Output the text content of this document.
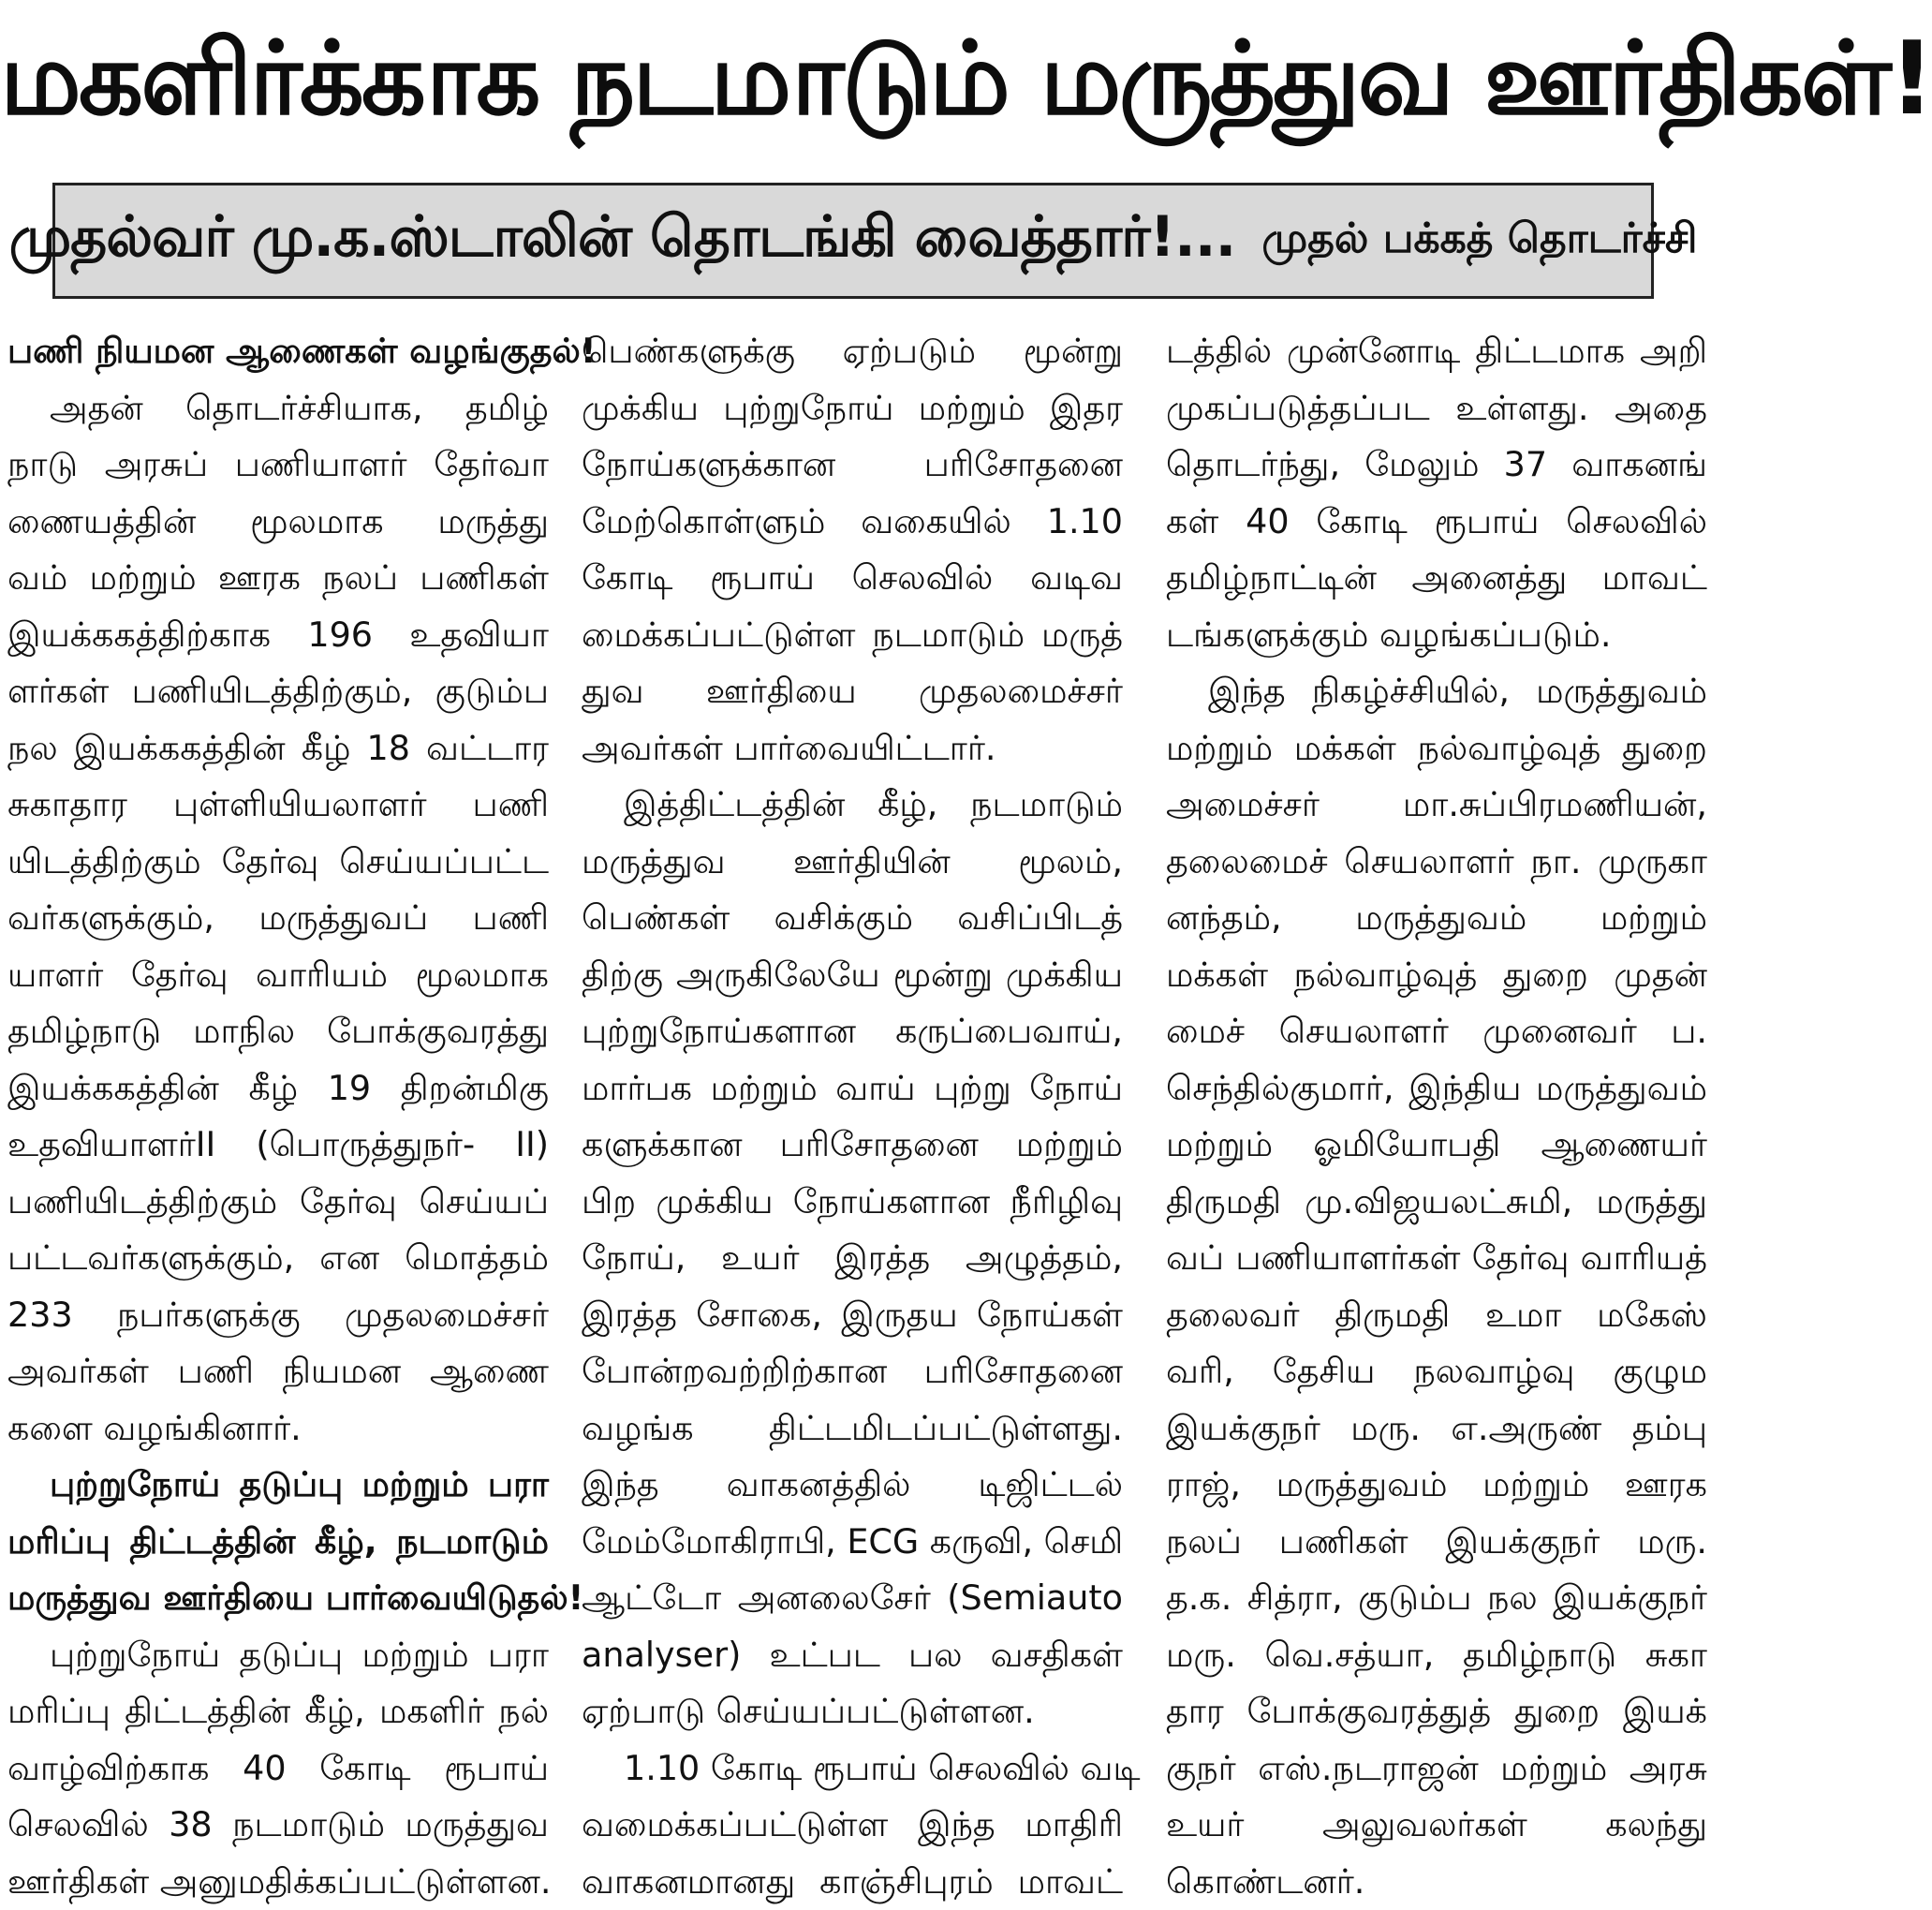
மகளிர்க்காக நடமாடும் மருத்துவ ஊர்திகள்!
முதல்வர் மு.க.ஸ்டாலின் தொடங்கி வைத்தார்!... முதல் பக்கத் தொடர்ச்சி
பணி நியமன ஆணைகள் வழங்குதல்!
அதன் தொடர்ச்சியாக, தமிழ்
நாடு அரசுப் பணியாளர் தேர்வா
ணையத்தின் மூலமாக மருத்து
வம் மற்றும் ஊரக நலப் பணிகள்
இயக்ககத்திற்காக 196 உதவியா
ளர்கள் பணியிடத்திற்கும், குடும்ப
நல இயக்ககத்தின் கீழ் 18 வட்டார
சுகாதார புள்ளியியலாளர் பணி
யிடத்திற்கும் தேர்வு செய்யப்பட்ட
வர்களுக்கும், மருத்துவப் பணி
யாளர் தேர்வு வாரியம் மூலமாக
தமிழ்நாடு மாநில போக்குவரத்து
இயக்ககத்தின் கீழ் 19 திறன்மிகு
உதவியாளர்II (பொருத்துநர்- II)
பணியிடத்திற்கும் தேர்வு செய்யப்
பட்டவர்களுக்கும், என மொத்தம்
233 நபர்களுக்கு முதலமைச்சர்
அவர்கள் பணி நியமன ஆணை
களை வழங்கினார்.
புற்றுநோய் தடுப்பு மற்றும் பரா
மரிப்பு திட்டத்தின் கீழ், நடமாடும்
மருத்துவ ஊர்தியை பார்வையிடுதல்!
புற்றுநோய் தடுப்பு மற்றும் பரா
மரிப்பு திட்டத்தின் கீழ், மகளிர் நல்
வாழ்விற்காக 40 கோடி ரூபாய்
செலவில் 38 நடமாடும் மருத்துவ
ஊர்திகள் அனுமதிக்கப்பட்டுள்ளன.
பெண்களுக்கு ஏற்படும் மூன்று
முக்கிய புற்றுநோய் மற்றும் இதர
நோய்களுக்கான பரிசோதனை
மேற்கொள்ளும் வகையில் 1.10
கோடி ரூபாய் செலவில் வடிவ
மைக்கப்பட்டுள்ள நடமாடும் மருத்
துவ ஊர்தியை முதலமைச்சர்
அவர்கள் பார்வையிட்டார்.
இத்திட்டத்தின் கீழ், நடமாடும்
மருத்துவ ஊர்தியின் மூலம்,
பெண்கள் வசிக்கும் வசிப்பிடத்
திற்கு அருகிலேயே மூன்று முக்கிய
புற்றுநோய்களான கருப்பைவாய்,
மார்பக மற்றும் வாய் புற்று நோய்
களுக்கான பரிசோதனை மற்றும்
பிற முக்கிய நோய்களான நீரிழிவு
நோய், உயர் இரத்த அழுத்தம்,
இரத்த சோகை, இருதய நோய்கள்
போன்றவற்றிற்கான பரிசோதனை
வழங்க திட்டமிடப்பட்டுள்ளது.
இந்த வாகனத்தில் டிஜிட்டல்
மேம்மோகிராபி, ECG கருவி, செமி
ஆட்டோ அனலைசேர் (Semiauto
analyser) உட்பட பல வசதிகள்
ஏற்பாடு செய்யப்பட்டுள்ளன.
1.10 கோடி ரூபாய் செலவில் வடி
வமைக்கப்பட்டுள்ள இந்த மாதிரி
வாகனமானது காஞ்சிபுரம் மாவட்
டத்தில் முன்னோடி திட்டமாக அறி
முகப்படுத்தப்பட உள்ளது. அதை
தொடர்ந்து, மேலும் 37 வாகனங்
கள் 40 கோடி ரூபாய் செலவில்
தமிழ்நாட்டின் அனைத்து மாவட்
டங்களுக்கும் வழங்கப்படும்.
இந்த நிகழ்ச்சியில், மருத்துவம்
மற்றும் மக்கள் நல்வாழ்வுத் துறை
அமைச்சர் மா.சுப்பிரமணியன்,
தலைமைச் செயலாளர் நா. முருகா
னந்தம், மருத்துவம் மற்றும்
மக்கள் நல்வாழ்வுத் துறை முதன்
மைச் செயலாளர் முனைவர் ப.
செந்தில்குமார், இந்திய மருத்துவம்
மற்றும் ஓமியோபதி ஆணையர்
திருமதி மு.விஜயலட்சுமி, மருத்து
வப் பணியாளர்கள் தேர்வு வாரியத்
தலைவர் திருமதி உமா மகேஸ்
வரி, தேசிய நலவாழ்வு குழும
இயக்குநர் மரு. எ.அருண் தம்பு
ராஜ், மருத்துவம் மற்றும் ஊரக
நலப் பணிகள் இயக்குநர் மரு.
த.க. சித்ரா, குடும்ப நல இயக்குநர்
மரு. வெ.சத்யா, தமிழ்நாடு சுகா
தார போக்குவரத்துத் துறை இயக்
குநர் எஸ்.நடராஜன் மற்றும் அரசு
உயர் அலுவலர்கள் கலந்து
கொண்டனர்.
